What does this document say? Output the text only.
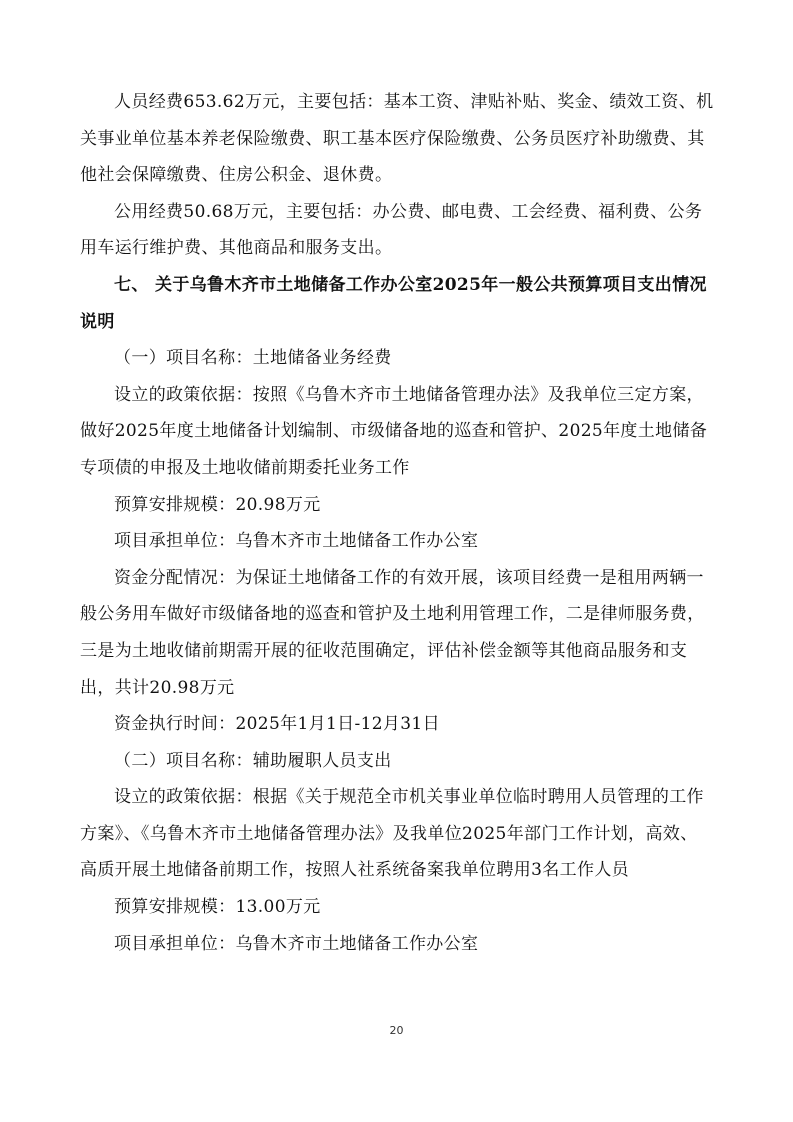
人员经费653.62万元，主要包括：基本工资、津贴补贴、奖金、绩效工资、机关事业单位基本养老保险缴费、职工基本医疗保险缴费、公务员医疗补助缴费、其他社会保障缴费、住房公积金、退休费。

公用经费50.68万元，主要包括：办公费、邮电费、工会经费、福利费、公务用车运行维护费、其他商品和服务支出。

七、 关于乌鲁木齐市土地储备工作办公室2025年一般公共预算项目支出情况说明

（一）项目名称：土地储备业务经费

设立的政策依据：按照《乌鲁木齐市土地储备管理办法》及我单位三定方案，做好2025年度土地储备计划编制、市级储备地的巡查和管护、2025年度土地储备专项债的申报及土地收储前期委托业务工作

预算安排规模：20.98万元

项目承担单位：乌鲁木齐市土地储备工作办公室

资金分配情况：为保证土地储备工作的有效开展，该项目经费一是租用两辆一般公务用车做好市级储备地的巡查和管护及土地利用管理工作，二是律师服务费，三是为土地收储前期需开展的征收范围确定，评估补偿金额等其他商品服务和支出，共计20.98万元

资金执行时间：2025年1月1日-12月31日

（二）项目名称：辅助履职人员支出

设立的政策依据：根据《关于规范全市机关事业单位临时聘用人员管理的工作方案》、《乌鲁木齐市土地储备管理办法》及我单位2025年部门工作计划，高效、高质开展土地储备前期工作，按照人社系统备案我单位聘用3名工作人员

预算安排规模：13.00万元

项目承担单位：乌鲁木齐市土地储备工作办公室

20
